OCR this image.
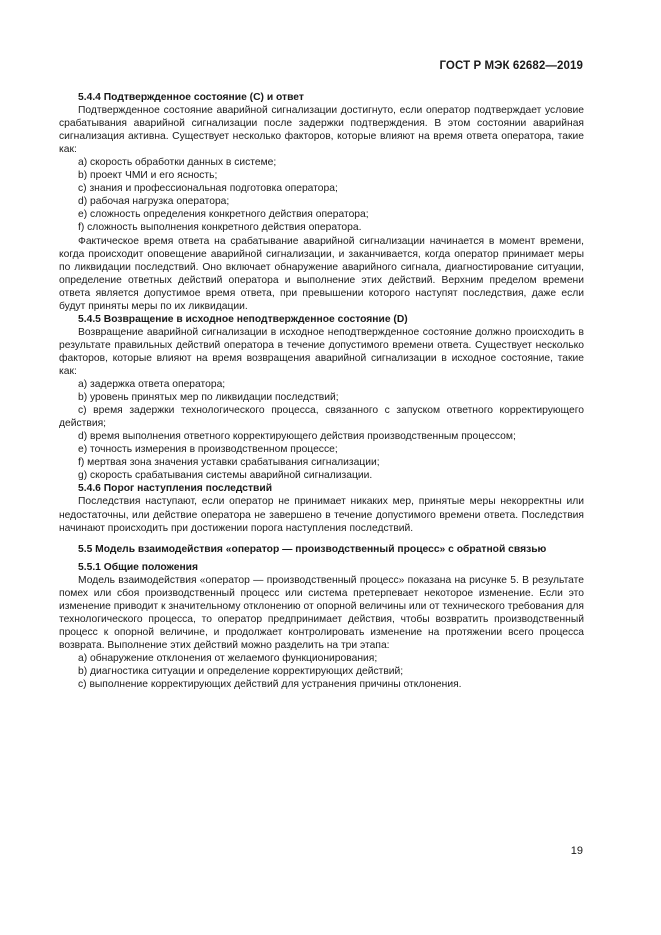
ГОСТ Р МЭК 62682—2019

5.4.4 Подтвержденное состояние (С) и ответ

Подтвержденное состояние аварийной сигнализации достигнуто, если оператор подтверждает условие срабатывания аварийной сигнализации после задержки подтверждения. В этом состоянии аварийная сигнализация активна. Существует несколько факторов, которые влияют на время ответа оператора, такие как:

a) скорость обработки данных в системе;

b) проект ЧМИ и его ясность;

c) знания и профессиональная подготовка оператора;

d) рабочая нагрузка оператора;

e) сложность определения конкретного действия оператора;

f) сложность выполнения конкретного действия оператора.

Фактическое время ответа на срабатывание аварийной сигнализации начинается в момент времени, когда происходит оповещение аварийной сигнализации, и заканчивается, когда оператор принимает меры по ликвидации последствий. Оно включает обнаружение аварийного сигнала, диагностирование ситуации, определение ответных действий оператора и выполнение этих действий. Верхним пределом времени ответа является допустимое время ответа, при превышении которого наступят последствия, даже если будут приняты меры по их ликвидации.

5.4.5 Возвращение в исходное неподтвержденное состояние (D)

Возвращение аварийной сигнализации в исходное неподтвержденное состояние должно происходить в результате правильных действий оператора в течение допустимого времени ответа. Существует несколько факторов, которые влияют на время возвращения аварийной сигнализации в исходное состояние, такие как:

a) задержка ответа оператора;

b) уровень принятых мер по ликвидации последствий;

c) время задержки технологического процесса, связанного с запуском ответного корректирующего действия;

d) время выполнения ответного корректирующего действия производственным процессом;

e) точность измерения в производственном процессе;

f) мертвая зона значения уставки срабатывания сигнализации;

g) скорость срабатывания системы аварийной сигнализации.

5.4.6 Порог наступления последствий

Последствия наступают, если оператор не принимает никаких мер, принятые меры некорректны или недостаточны, или действие оператора не завершено в течение допустимого времени ответа. Последствия начинают происходить при достижении порога наступления последствий.

5.5 Модель взаимодействия «оператор — производственный процесс» с обратной связью

5.5.1 Общие положения

Модель взаимодействия «оператор — производственный процесс» показана на рисунке 5. В результате помех или сбоя производственный процесс или система претерпевает некоторое изменение. Если это изменение приводит к значительному отклонению от опорной величины или от технического требования для технологического процесса, то оператор предпринимает действия, чтобы возвратить производственный процесс к опорной величине, и продолжает контролировать изменение на протяжении всего процесса возврата. Выполнение этих действий можно разделить на три этапа:

a) обнаружение отклонения от желаемого функционирования;

b) диагностика ситуации и определение корректирующих действий;

c) выполнение корректирующих действий для устранения причины отклонения.

19
